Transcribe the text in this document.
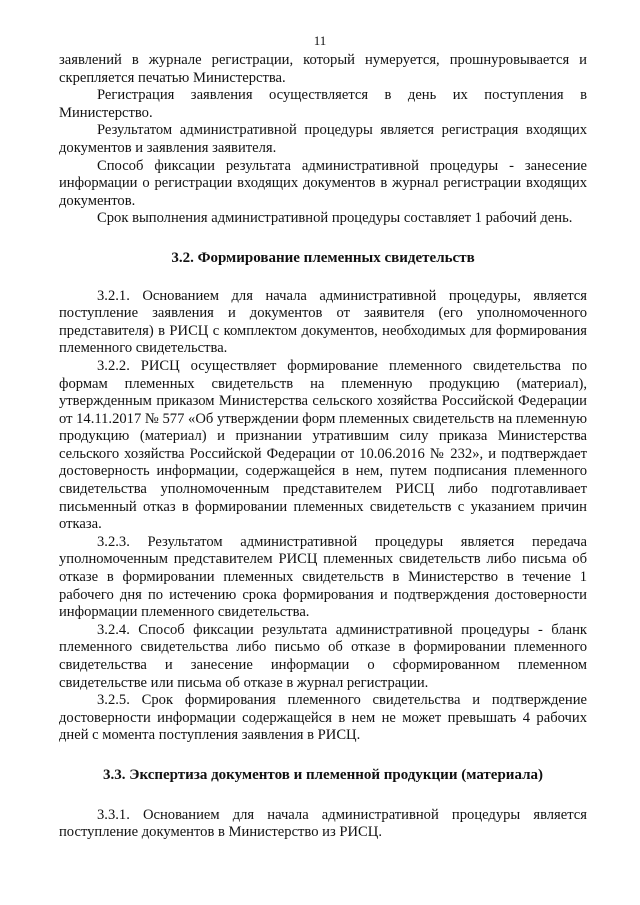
11

заявлений в журнале регистрации, который нумеруется, прошнуровывается и скрепляется печатью Министерства.

Регистрация заявления осуществляется в день их поступления в Министерство.

Результатом административной процедуры является регистрация входящих документов и заявления заявителя.

Способ фиксации результата административной процедуры - занесение информации о регистрации входящих документов в журнал регистрации входящих документов.

Срок выполнения административной процедуры составляет 1 рабочий день.

3.2. Формирование племенных свидетельств

3.2.1. Основанием для начала административной процедуры, является поступление заявления и документов от заявителя (его уполномоченного представителя) в РИСЦ с комплектом документов, необходимых для формирования племенного свидетельства.

3.2.2. РИСЦ осуществляет формирование племенного свидетельства по формам племенных свидетельств на племенную продукцию (материал), утвержденным приказом Министерства сельского хозяйства Российской Федерации от 14.11.2017 № 577 «Об утверждении форм племенных свидетельств на племенную продукцию (материал) и признании утратившим силу приказа Министерства сельского хозяйства Российской Федерации от 10.06.2016 № 232», и подтверждает достоверность информации, содержащейся в нем, путем подписания племенного свидетельства уполномоченным представителем РИСЦ либо подготавливает письменный отказ в формировании племенных свидетельств с указанием причин отказа.

3.2.3. Результатом административной процедуры является передача уполномоченным представителем РИСЦ племенных свидетельств либо письма об отказе в формировании племенных свидетельств в Министерство в течение 1 рабочего дня по истечению срока формирования и подтверждения достоверности информации племенного свидетельства.

3.2.4. Способ фиксации результата административной процедуры - бланк племенного свидетельства либо письмо об отказе в формировании племенного свидетельства и занесение информации о сформированном племенном свидетельстве или письма об отказе в журнал регистрации.

3.2.5. Срок формирования племенного свидетельства и подтверждение достоверности информации содержащейся в нем не может превышать 4 рабочих дней с момента поступления заявления в РИСЦ.

3.3. Экспертиза документов и племенной продукции (материала)

3.3.1. Основанием для начала административной процедуры является поступление документов в Министерство из РИСЦ.
